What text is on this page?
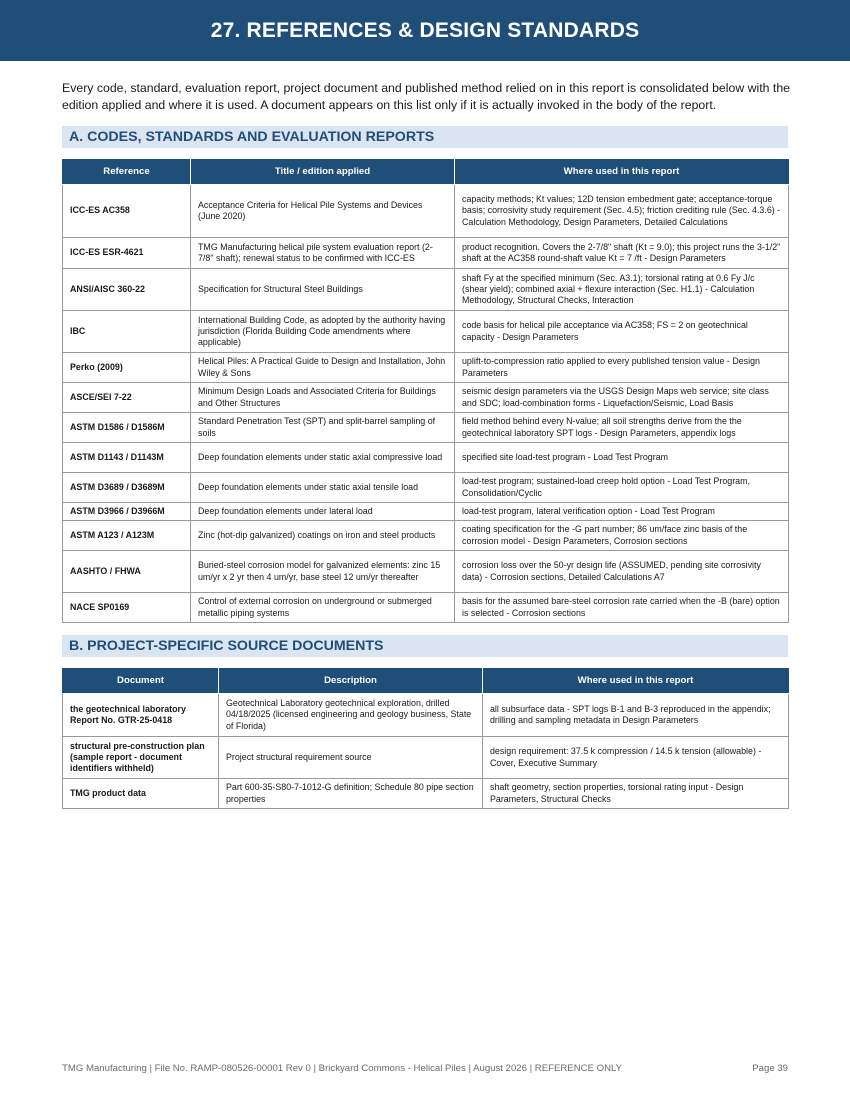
27. REFERENCES & DESIGN STANDARDS

Every code, standard, evaluation report, project document and published method relied on in this report is consolidated below with the edition applied and where it is used. A document appears on this list only if it is actually invoked in the body of the report.

A. CODES, STANDARDS AND EVALUATION REPORTS
Reference	Title / edition applied	Where used in this report
ICC-ES AC358	Acceptance Criteria for Helical Pile Systems and Devices (June 2020)	capacity methods; Kt values; 12D tension embedment gate; acceptance-torque basis; corrosivity study requirement (Sec. 4.5); friction crediting rule (Sec. 4.3.6) - Calculation Methodology, Design Parameters, Detailed Calculations
ICC-ES ESR-4621	TMG Manufacturing helical pile system evaluation report (2-7/8" shaft); renewal status to be confirmed with ICC-ES	product recognition. Covers the 2-7/8" shaft (Kt = 9.0); this project runs the 3-1/2" shaft at the AC358 round-shaft value Kt = 7 /ft - Design Parameters
ANSI/AISC 360-22	Specification for Structural Steel Buildings	shaft Fy at the specified minimum (Sec. A3.1); torsional rating at 0.6 Fy J/c (shear yield); combined axial + flexure interaction (Sec. H1.1) - Calculation Methodology, Structural Checks, Interaction
IBC	International Building Code, as adopted by the authority having jurisdiction (Florida Building Code amendments where applicable)	code basis for helical pile acceptance via AC358; FS = 2 on geotechnical capacity - Design Parameters
Perko (2009)	Helical Piles: A Practical Guide to Design and Installation, John Wiley & Sons	uplift-to-compression ratio applied to every published tension value - Design Parameters
ASCE/SEI 7-22	Minimum Design Loads and Associated Criteria for Buildings and Other Structures	seismic design parameters via the USGS Design Maps web service; site class and SDC; load-combination forms - Liquefaction/Seismic, Load Basis
ASTM D1586 / D1586M	Standard Penetration Test (SPT) and split-barrel sampling of soils	field method behind every N-value; all soil strengths derive from the the geotechnical laboratory SPT logs - Design Parameters, appendix logs
ASTM D1143 / D1143M	Deep foundation elements under static axial compressive load	specified site load-test program - Load Test Program
ASTM D3689 / D3689M	Deep foundation elements under static axial tensile load	load-test program; sustained-load creep hold option - Load Test Program, Consolidation/Cyclic
ASTM D3966 / D3966M	Deep foundation elements under lateral load	load-test program, lateral verification option - Load Test Program
ASTM A123 / A123M	Zinc (hot-dip galvanized) coatings on iron and steel products	coating specification for the -G part number; 86 um/face zinc basis of the corrosion model - Design Parameters, Corrosion sections
AASHTO / FHWA	Buried-steel corrosion model for galvanized elements: zinc 15 um/yr x 2 yr then 4 um/yr, base steel 12 um/yr thereafter	corrosion loss over the 50-yr design life (ASSUMED, pending site corrosivity data) - Corrosion sections, Detailed Calculations A7
NACE SP0169	Control of external corrosion on underground or submerged metallic piping systems	basis for the assumed bare-steel corrosion rate carried when the -B (bare) option is selected - Corrosion sections
B. PROJECT-SPECIFIC SOURCE DOCUMENTS
Document	Description	Where used in this report
the geotechnical laboratory Report No. GTR-25-0418	Geotechnical Laboratory geotechnical exploration, drilled 04/18/2025 (licensed engineering and geology business, State of Florida)	all subsurface data - SPT logs B-1 and B-3 reproduced in the appendix; drilling and sampling metadata in Design Parameters
structural pre-construction plan (sample report - document identifiers withheld)	Project structural requirement source	design requirement: 37.5 k compression / 14.5 k tension (allowable) - Cover, Executive Summary
TMG product data	Part 600-35-S80-7-1012-G definition; Schedule 80 pipe section properties	shaft geometry, section properties, torsional rating input - Design Parameters, Structural Checks
TMG Manufacturing | File No. RAMP-080526-00001 Rev 0 | Brickyard Commons - Helical Piles | August 2026 | REFERENCE ONLY	Page 39
